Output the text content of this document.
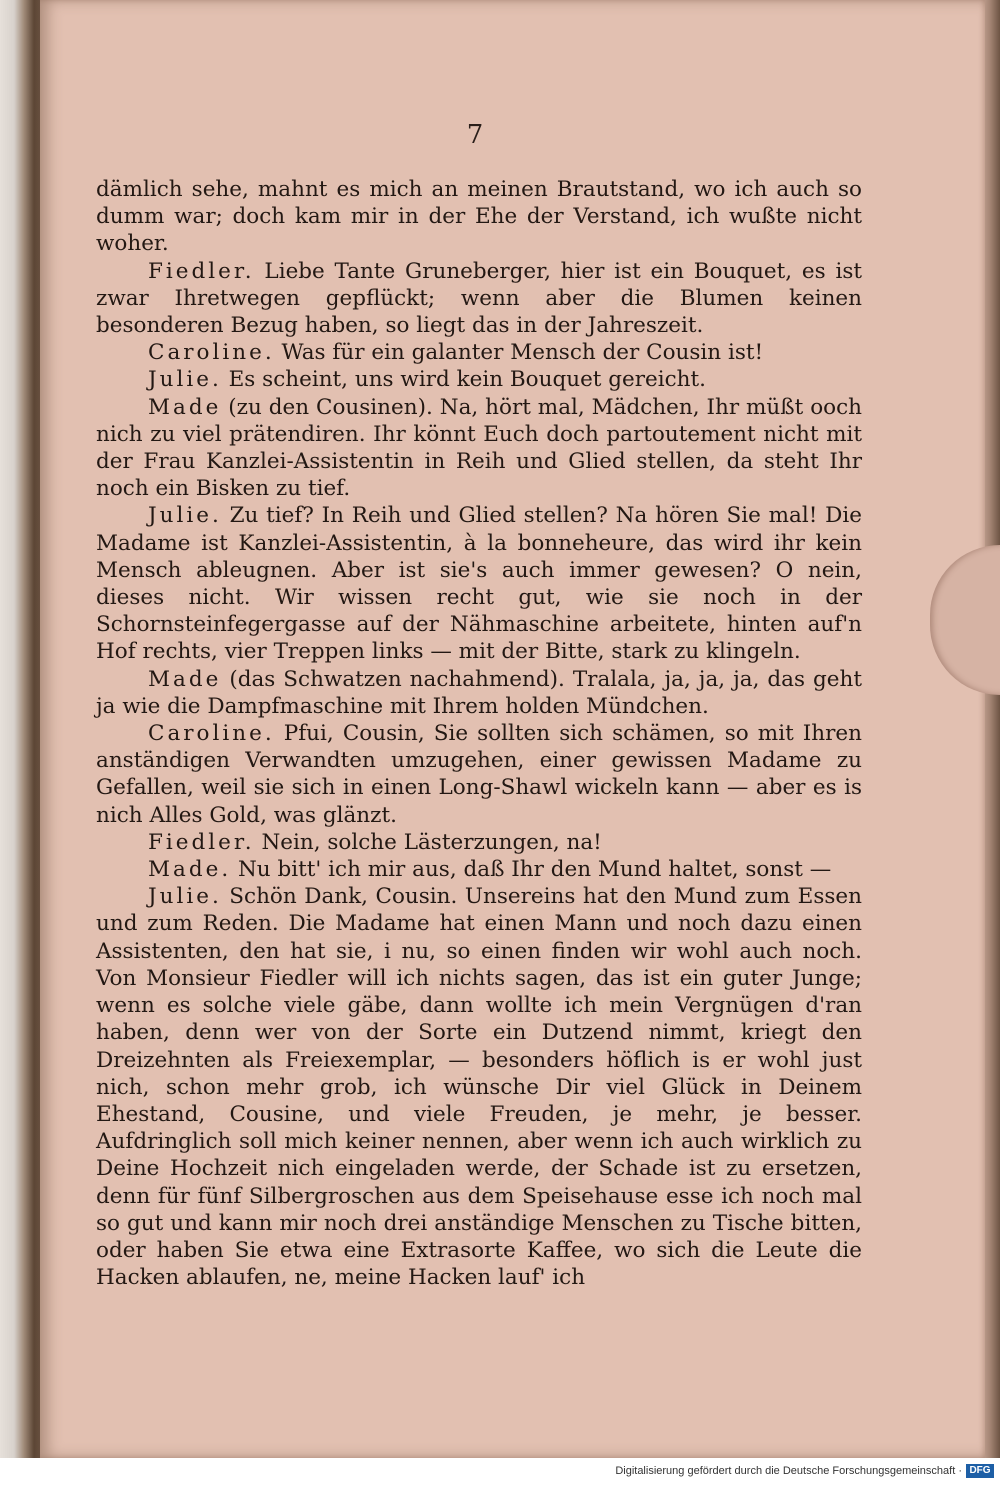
7

dämlich sehe, mahnt es mich an meinen Brautstand, wo ich auch so dumm war; doch kam mir in der Ehe der Verstand, ich wußte nicht woher.

Fiedler. Liebe Tante Gruneberger, hier ist ein Bouquet, es ist zwar Ihretwegen gepflückt; wenn aber die Blumen keinen besonderen Bezug haben, so liegt das in der Jahreszeit.

Caroline. Was für ein galanter Mensch der Cousin ist!

Julie. Es scheint, uns wird kein Bouquet gereicht.

Made (zu den Cousinen). Na, hört mal, Mädchen, Ihr müßt ooch nich zu viel prätendiren. Ihr könnt Euch doch partoutement nicht mit der Frau Kanzlei-Assistentin in Reih und Glied stellen, da steht Ihr noch ein Bisken zu tief.

Julie. Zu tief? In Reih und Glied stellen? Na hören Sie mal! Die Madame ist Kanzlei-Assistentin, à la bonneheure, das wird ihr kein Mensch ableugnen. Aber ist sie's auch immer gewesen? O nein, dieses nicht. Wir wissen recht gut, wie sie noch in der Schornsteinfegergasse auf der Nähmaschine arbeitete, hinten auf'n Hof rechts, vier Treppen links — mit der Bitte, stark zu klingeln.

Made (das Schwatzen nachahmend). Tralala, ja, ja, ja, das geht ja wie die Dampfmaschine mit Ihrem holden Mündchen.

Caroline. Pfui, Cousin, Sie sollten sich schämen, so mit Ihren anständigen Verwandten umzugehen, einer gewissen Madame zu Gefallen, weil sie sich in einen Long-Shawl wickeln kann — aber es is nich Alles Gold, was glänzt.

Fiedler. Nein, solche Lästerzungen, na!

Made. Nu bitt' ich mir aus, daß Ihr den Mund haltet, sonst —

Julie. Schön Dank, Cousin. Unsereins hat den Mund zum Essen und zum Reden. Die Madame hat einen Mann und noch dazu einen Assistenten, den hat sie, i nu, so einen finden wir wohl auch noch. Von Monsieur Fiedler will ich nichts sagen, das ist ein guter Junge; wenn es solche viele gäbe, dann wollte ich mein Vergnügen d'ran haben, denn wer von der Sorte ein Dutzend nimmt, kriegt den Dreizehnten als Freiexemplar, — besonders höflich is er wohl just nich, schon mehr grob, ich wünsche Dir viel Glück in Deinem Ehestand, Cousine, und viele Freuden, je mehr, je besser. Aufdringlich soll mich keiner nennen, aber wenn ich auch wirklich zu Deine Hochzeit nich eingeladen werde, der Schade ist zu ersetzen, denn für fünf Silbergroschen aus dem Speisehause esse ich noch mal so gut und kann mir noch drei anständige Menschen zu Tische bitten, oder haben Sie etwa eine Extrasorte Kaffee, wo sich die Leute die Hacken ablaufen, ne, meine Hacken lauf' ich

Digitalisierung gefördert durch die Deutsche Forschungsgemeinschaft · DFG
